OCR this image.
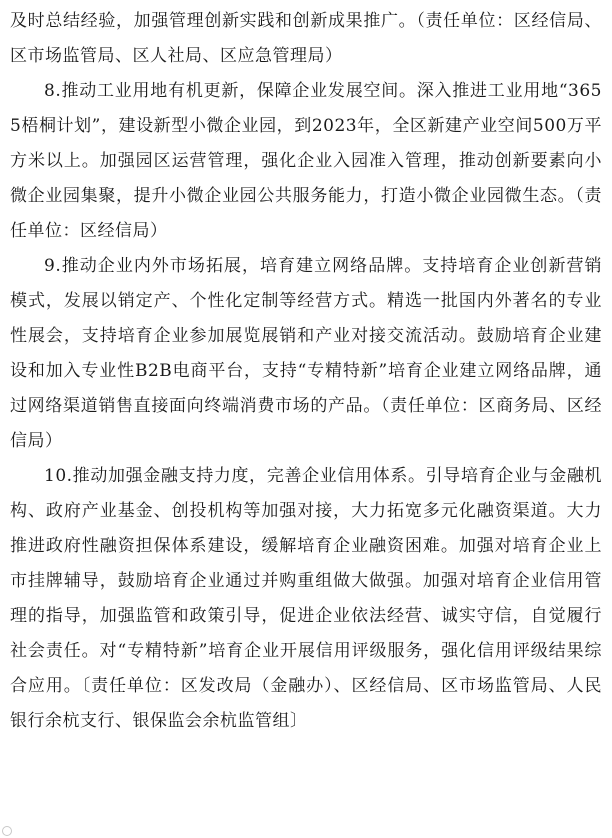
及时总结经验，加强管理创新实践和创新成果推广。（责任单位：区经信局、区市场监管局、区人社局、区应急管理局）

8.推动工业用地有机更新，保障企业发展空间。深入推进工业用地“3655梧桐计划”，建设新型小微企业园，到2023年，全区新建产业空间500万平方米以上。加强园区运营管理，强化企业入园准入管理，推动创新要素向小微企业园集聚，提升小微企业园公共服务能力，打造小微企业园微生态。（责任单位：区经信局）

9.推动企业内外市场拓展，培育建立网络品牌。支持培育企业创新营销模式，发展以销定产、个性化定制等经营方式。精选一批国内外著名的专业性展会，支持培育企业参加展览展销和产业对接交流活动。鼓励培育企业建设和加入专业性B2B电商平台，支持“专精特新”培育企业建立网络品牌，通过网络渠道销售直接面向终端消费市场的产品。（责任单位：区商务局、区经信局）

10.推动加强金融支持力度，完善企业信用体系。引导培育企业与金融机构、政府产业基金、创投机构等加强对接，大力拓宽多元化融资渠道。大力推进政府性融资担保体系建设，缓解培育企业融资困难。加强对培育企业上市挂牌辅导，鼓励培育企业通过并购重组做大做强。加强对培育企业信用管理的指导，加强监管和政策引导，促进企业依法经营、诚实守信，自觉履行社会责任。对“专精特新”培育企业开展信用评级服务，强化信用评级结果综合应用。〔责任单位：区发改局（金融办）、区经信局、区市场监管局、人民银行余杭支行、银保监会余杭监管组〕
